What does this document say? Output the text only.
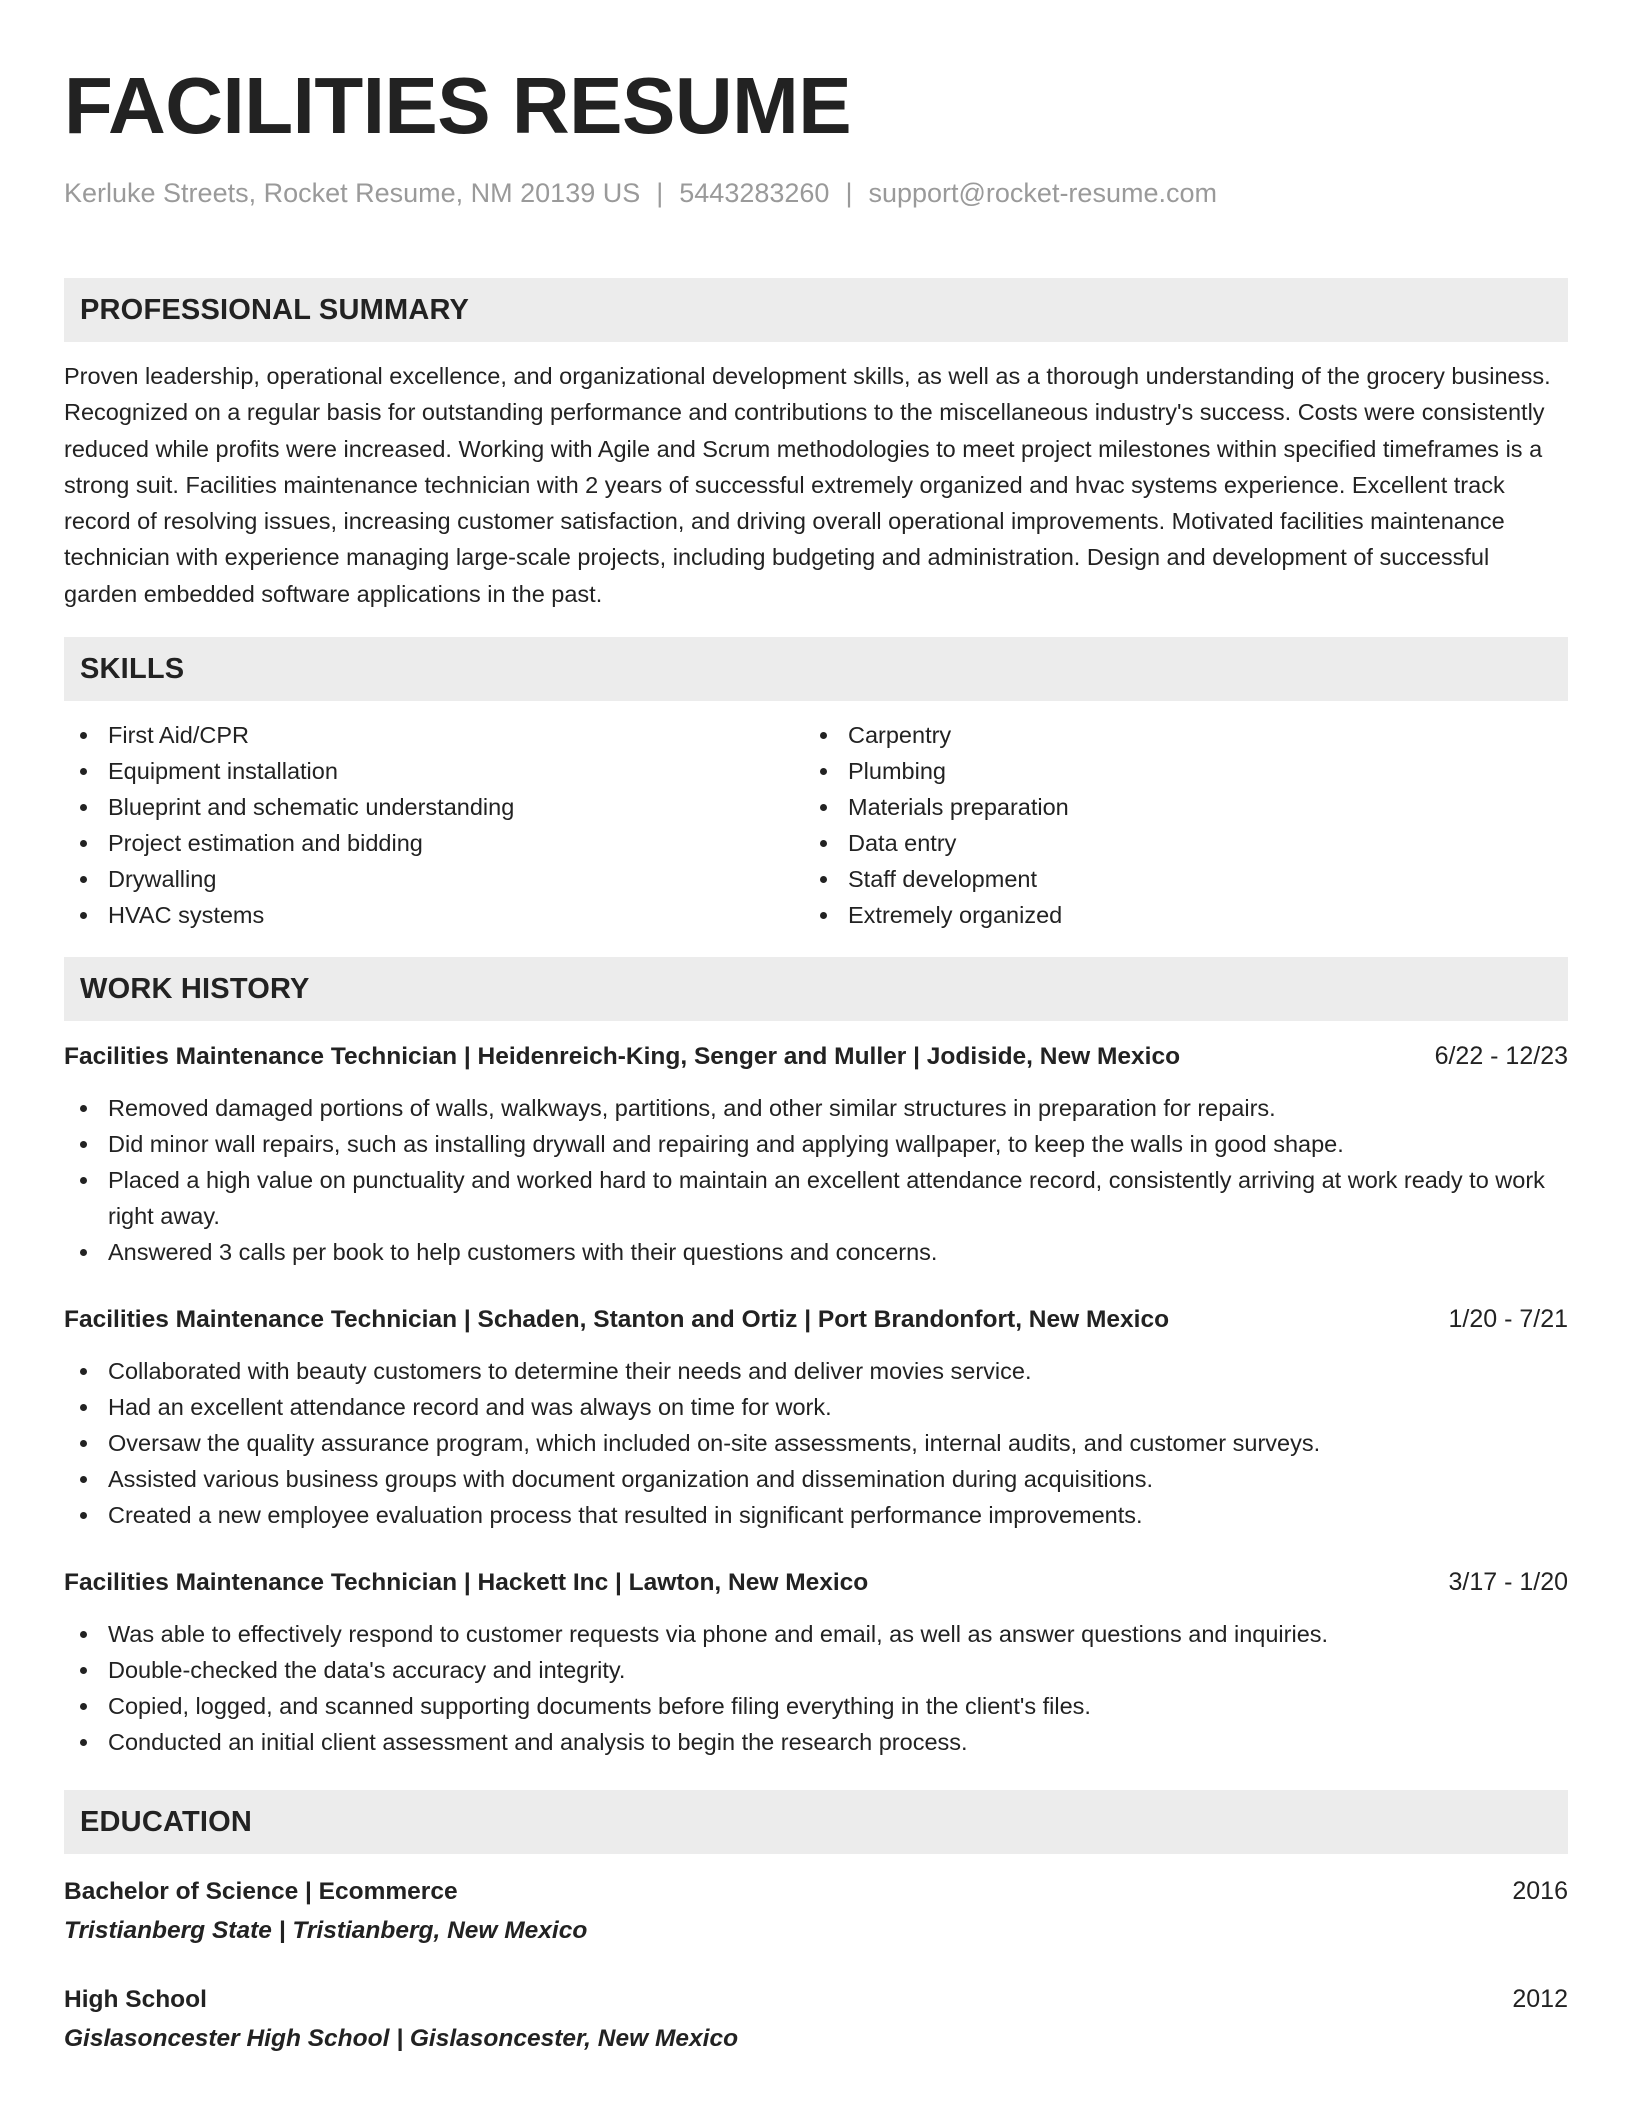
FACILITIES RESUME
Kerluke Streets, Rocket Resume, NM 20139 US | 5443283260 | support@rocket-resume.com
PROFESSIONAL SUMMARY
Proven leadership, operational excellence, and organizational development skills, as well as a thorough understanding of the grocery business. Recognized on a regular basis for outstanding performance and contributions to the miscellaneous industry's success. Costs were consistently reduced while profits were increased. Working with Agile and Scrum methodologies to meet project milestones within specified timeframes is a strong suit. Facilities maintenance technician with 2 years of successful extremely organized and hvac systems experience. Excellent track record of resolving issues, increasing customer satisfaction, and driving overall operational improvements. Motivated facilities maintenance technician with experience managing large-scale projects, including budgeting and administration. Design and development of successful garden embedded software applications in the past.
SKILLS
First Aid/CPR
Equipment installation
Blueprint and schematic understanding
Project estimation and bidding
Drywalling
HVAC systems
Carpentry
Plumbing
Materials preparation
Data entry
Staff development
Extremely organized
WORK HISTORY
Facilities Maintenance Technician | Heidenreich-King, Senger and Muller | Jodiside, New Mexico	6/22 - 12/23
Removed damaged portions of walls, walkways, partitions, and other similar structures in preparation for repairs.
Did minor wall repairs, such as installing drywall and repairing and applying wallpaper, to keep the walls in good shape.
Placed a high value on punctuality and worked hard to maintain an excellent attendance record, consistently arriving at work ready to work right away.
Answered 3 calls per book to help customers with their questions and concerns.
Facilities Maintenance Technician | Schaden, Stanton and Ortiz | Port Brandonfort, New Mexico	1/20 - 7/21
Collaborated with beauty customers to determine their needs and deliver movies service.
Had an excellent attendance record and was always on time for work.
Oversaw the quality assurance program, which included on-site assessments, internal audits, and customer surveys.
Assisted various business groups with document organization and dissemination during acquisitions.
Created a new employee evaluation process that resulted in significant performance improvements.
Facilities Maintenance Technician | Hackett Inc | Lawton, New Mexico	3/17 - 1/20
Was able to effectively respond to customer requests via phone and email, as well as answer questions and inquiries.
Double-checked the data's accuracy and integrity.
Copied, logged, and scanned supporting documents before filing everything in the client's files.
Conducted an initial client assessment and analysis to begin the research process.
EDUCATION
Bachelor of Science | Ecommerce	2016
Tristianberg State | Tristianberg, New Mexico
High School	2012
Gislasoncester High School | Gislasoncester, New Mexico
